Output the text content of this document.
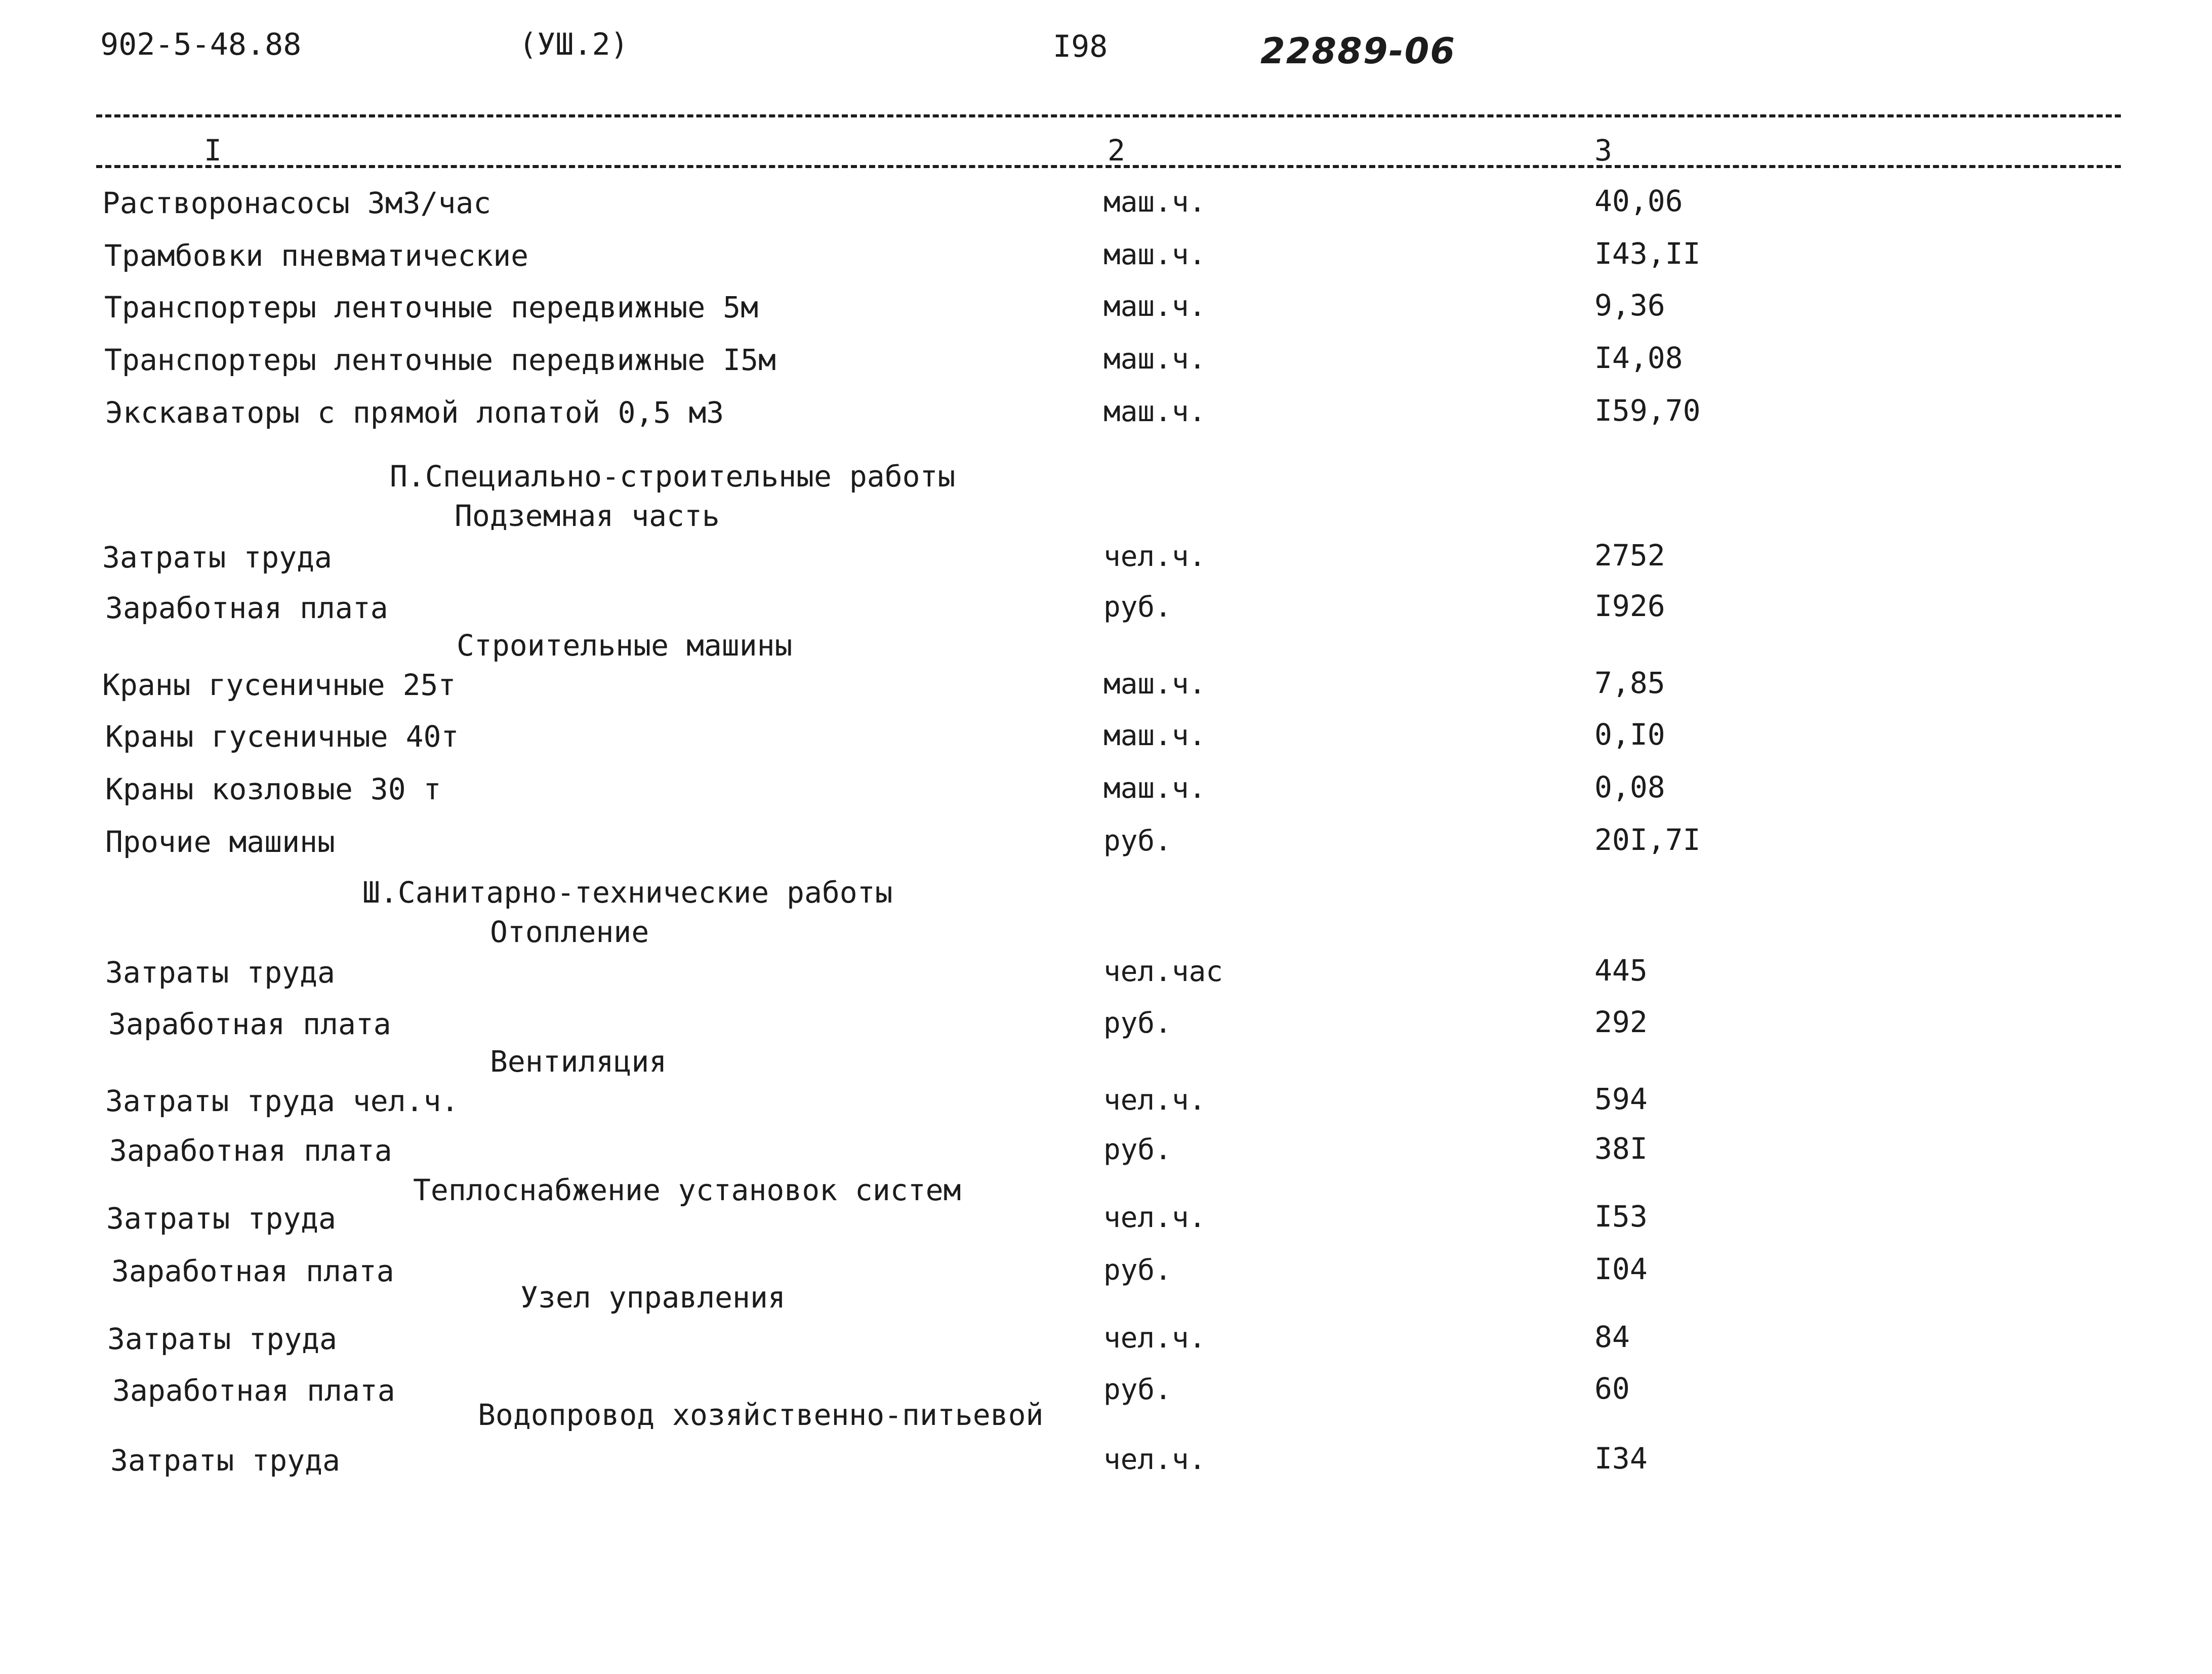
902-5-48.88	(УШ.2)	I98	22889-06
I	2	3
Растворонасосы 3м3/час	маш.ч.	40,06
Трамбовки пневматические	маш.ч.	I43,II
Транспортеры ленточные передвижные 5м	маш.ч.	9,36
Транспортеры ленточные передвижные I5м	маш.ч.	I4,08
Экскаваторы с прямой лопатой 0,5 м3	маш.ч.	I59,70
П.Специально-строительные работы
Подземная часть
Затраты труда	чел.ч.	2752
Заработная плата	руб.	I926
Строительные машины
Краны гусеничные 25т	маш.ч.	7,85
Краны гусеничные 40т	маш.ч.	0,I0
Краны козловые 30 т	маш.ч.	0,08
Прочие машины	руб.	20I,7I
Ш.Санитарно-технические работы
Отопление
Затраты труда	чел.час	445
Заработная плата	руб.	292
Вентиляция
Затраты труда чел.ч.	чел.ч.	594
Заработная плата	руб.	38I
Теплоснабжение установок систем
Затраты труда	чел.ч.	I53
Заработная плата	руб.	I04
Узел управления
Затраты труда	чел.ч.	84
Заработная плата	руб.	60
Водопровод хозяйственно-питьевой
Затраты труда	чел.ч.	I34
